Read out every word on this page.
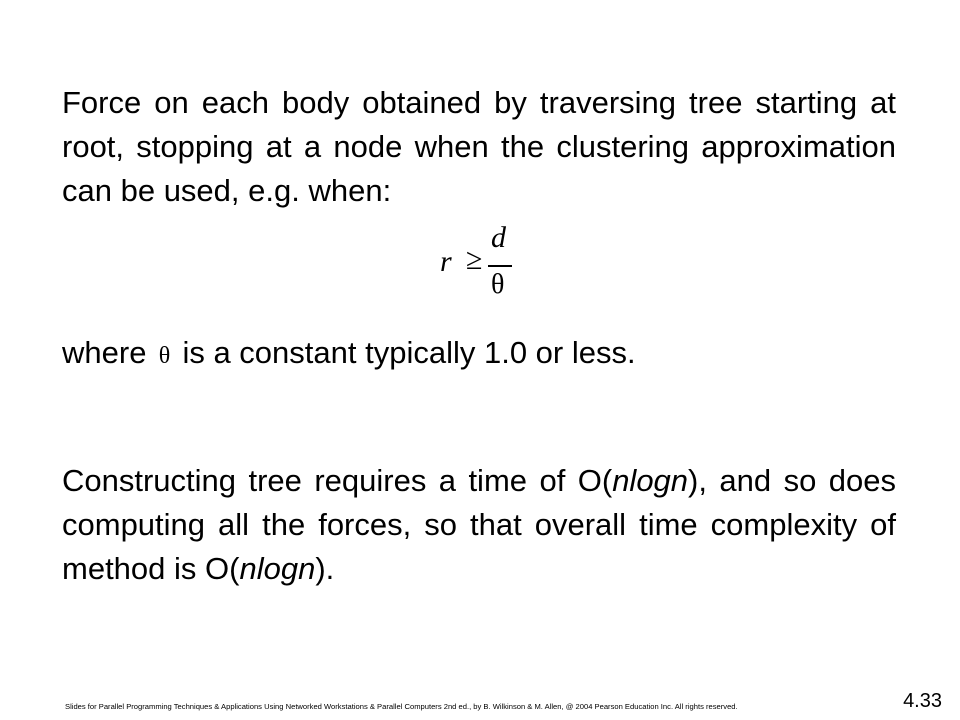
Force on each body obtained by traversing tree starting at root, stopping at a node when the clustering approximation can be used, e.g. when:

r ≥
d
θ

where θ is a constant typically 1.0 or less.

Constructing tree requires a time of O(nlogn), and so does computing all the forces, so that overall time complexity of method is O(nlogn).

Slides for Parallel Programming Techniques & Applications Using Networked Workstations & Parallel Computers 2nd ed., by B. Wilkinson & M. Allen, @ 2004 Pearson Education Inc. All rights reserved.	4.33
